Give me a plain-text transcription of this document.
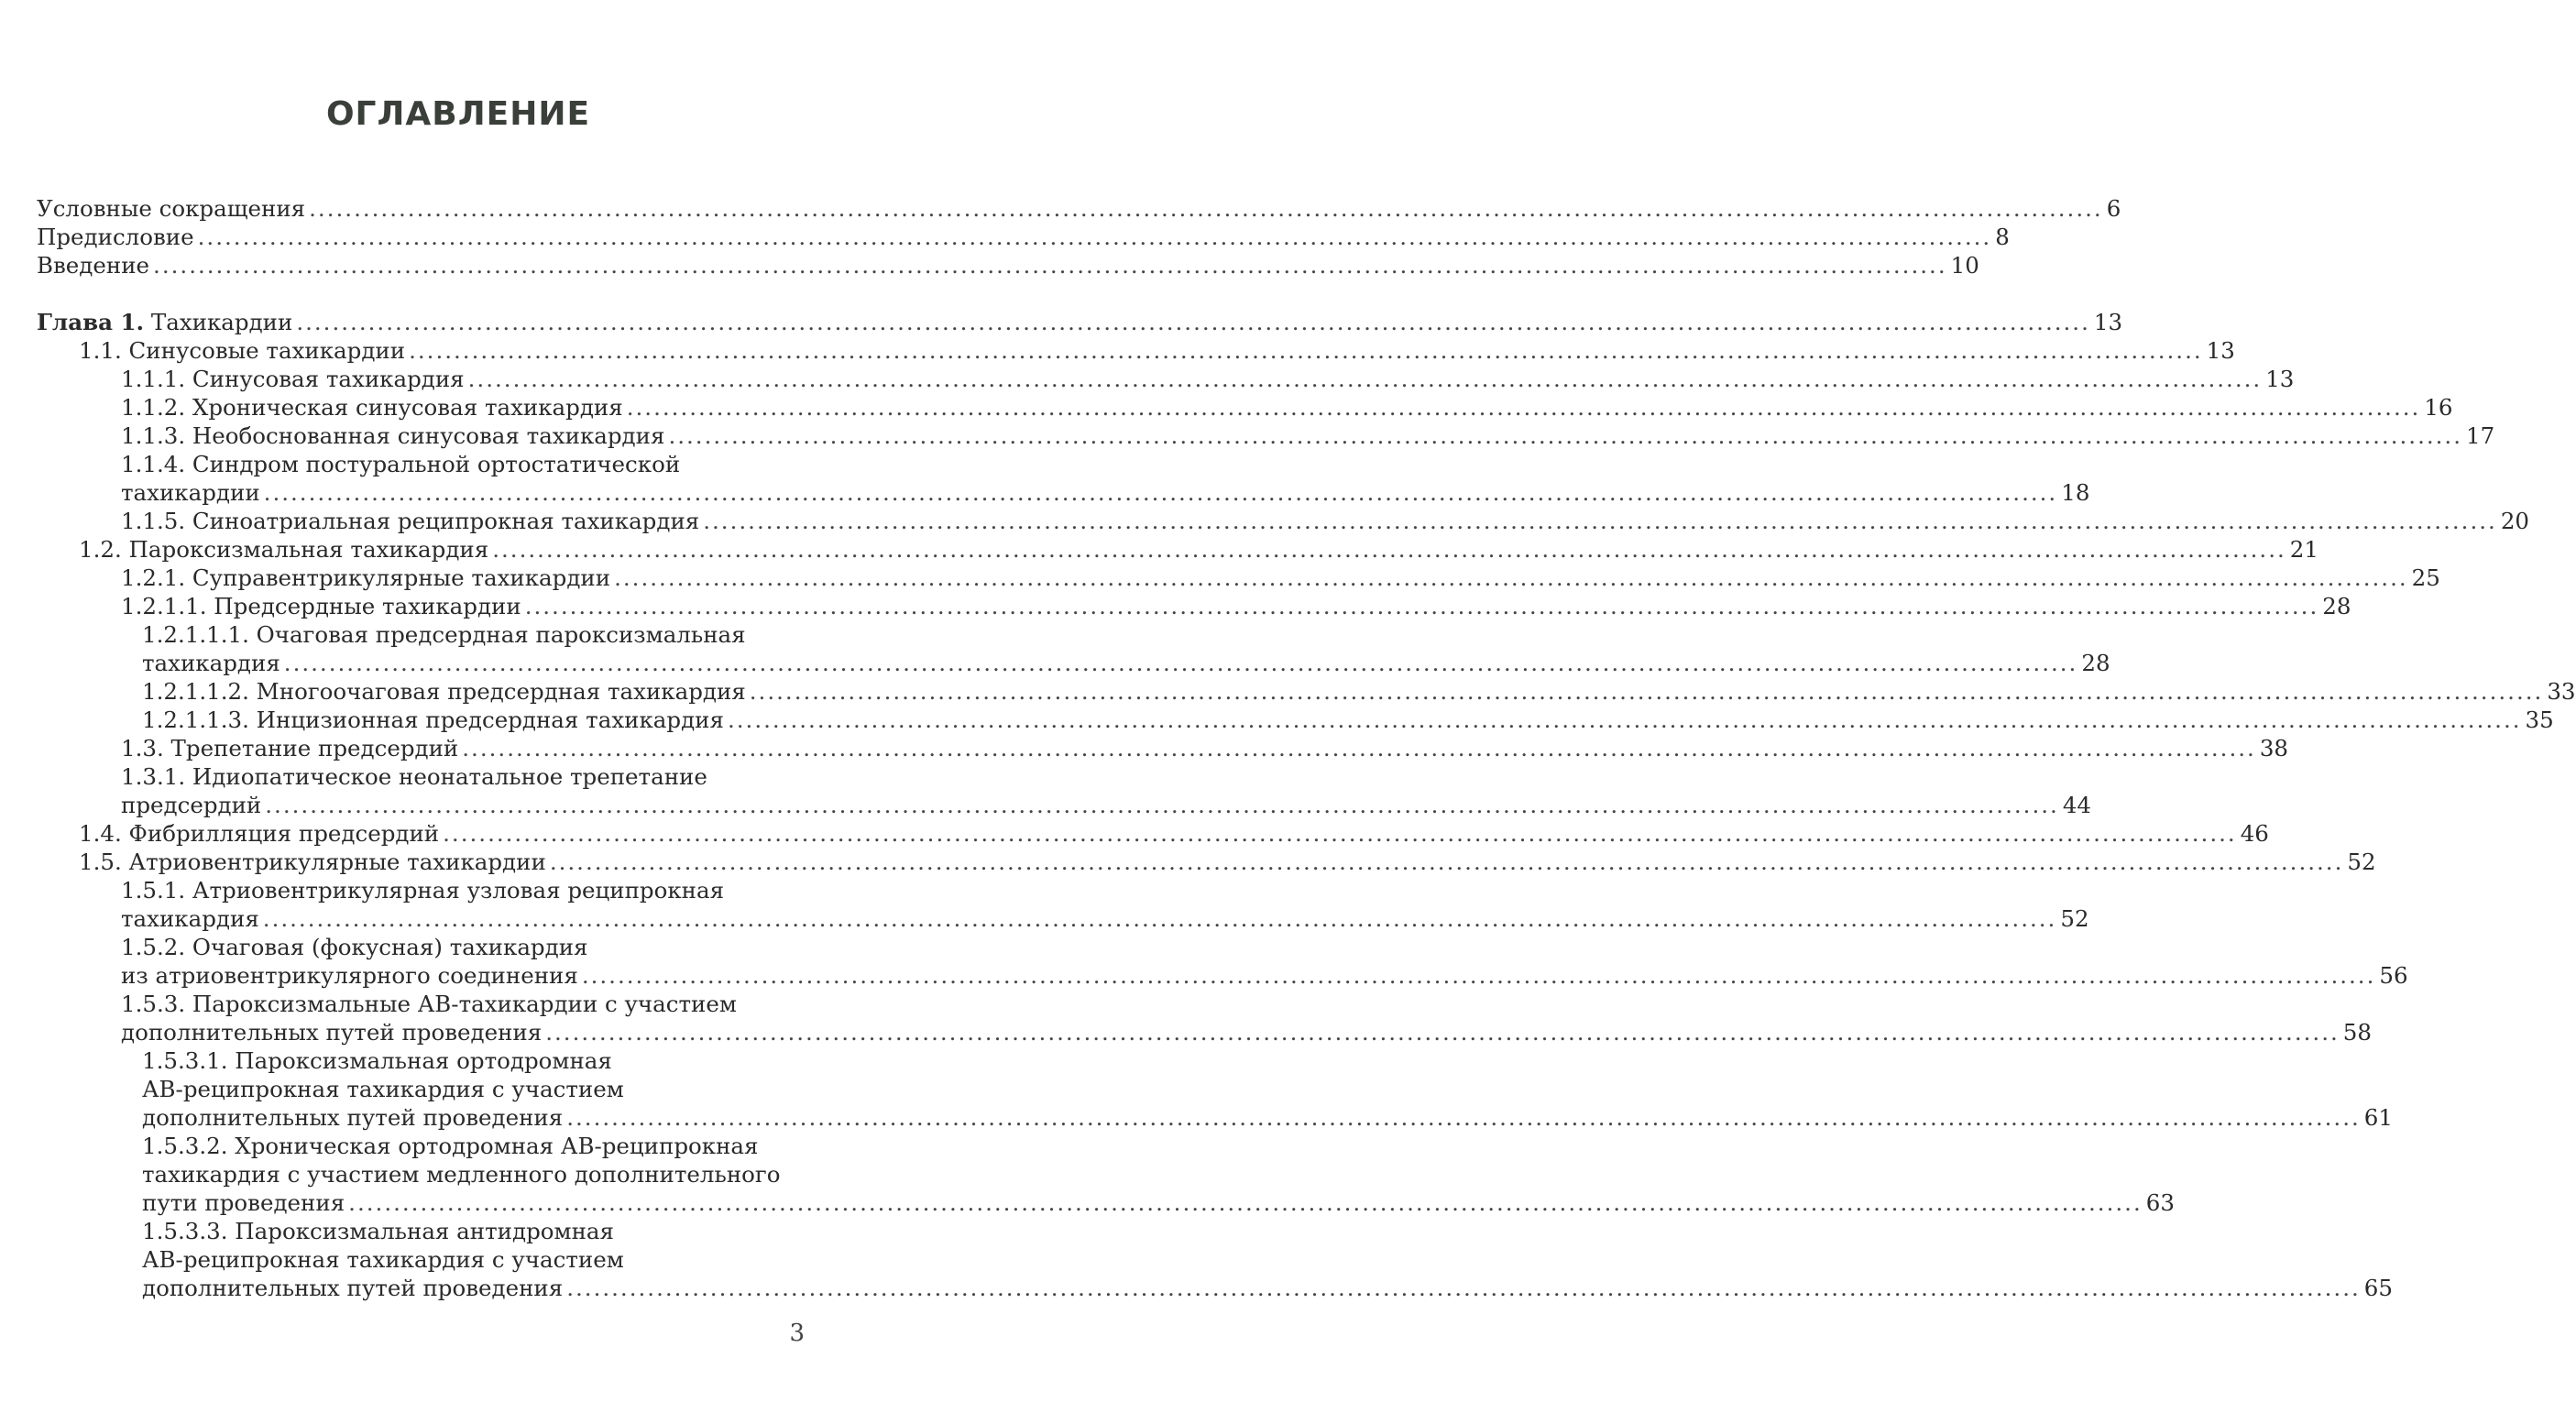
ОГЛАВЛЕНИЕ
Условные сокращения ........................................................................................................................................................................................................ 6
Предисловие ........................................................................................................................................................................................................ 8
Введение ........................................................................................................................................................................................................ 10
Глава 1. Тахикардии ........................................................................................................................................................................................................ 13
1.1. Синусовые тахикардии ........................................................................................................................................................................................................ 13
1.1.1. Синусовая тахикардия ........................................................................................................................................................................................................ 13
1.1.2. Хроническая синусовая тахикардия ........................................................................................................................................................................................................ 16
1.1.3. Необоснованная синусовая тахикардия ........................................................................................................................................................................................................ 17
1.1.4. Синдром постуральной ортостатической
тахикардии ........................................................................................................................................................................................................ 18
1.1.5. Синоатриальная реципрокная тахикардия ........................................................................................................................................................................................................ 20
1.2. Пароксизмальная тахикардия ........................................................................................................................................................................................................ 21
1.2.1. Суправентрикулярные тахикардии ........................................................................................................................................................................................................ 25
1.2.1.1. Предсердные тахикардии ........................................................................................................................................................................................................ 28
1.2.1.1.1. Очаговая предсердная пароксизмальная
тахикардия ........................................................................................................................................................................................................ 28
1.2.1.1.2. Многоочаговая предсердная тахикардия ........................................................................................................................................................................................................ 33
1.2.1.1.3. Инцизионная предсердная тахикардия ........................................................................................................................................................................................................ 35
1.3. Трепетание предсердий ........................................................................................................................................................................................................ 38
1.3.1. Идиопатическое неонатальное трепетание
предсердий ........................................................................................................................................................................................................ 44
1.4. Фибрилляция предсердий ........................................................................................................................................................................................................ 46
1.5. Атриовентрикулярные тахикардии ........................................................................................................................................................................................................ 52
1.5.1. Атриовентрикулярная узловая реципрокная
тахикардия ........................................................................................................................................................................................................ 52
1.5.2. Очаговая (фокусная) тахикардия
из атриовентрикулярного соединения ........................................................................................................................................................................................................ 56
1.5.3. Пароксизмальные АВ-тахикардии с участием
дополнительных путей проведения ........................................................................................................................................................................................................ 58
1.5.3.1. Пароксизмальная ортодромная
АВ-реципрокная тахикардия с участием
дополнительных путей проведения ........................................................................................................................................................................................................ 61
1.5.3.2. Хроническая ортодромная АВ-реципрокная
тахикардия с участием медленного дополнительного
пути проведения ........................................................................................................................................................................................................ 63
1.5.3.3. Пароксизмальная антидромная
АВ-реципрокная тахикардия с участием
дополнительных путей проведения ........................................................................................................................................................................................................ 65
3
